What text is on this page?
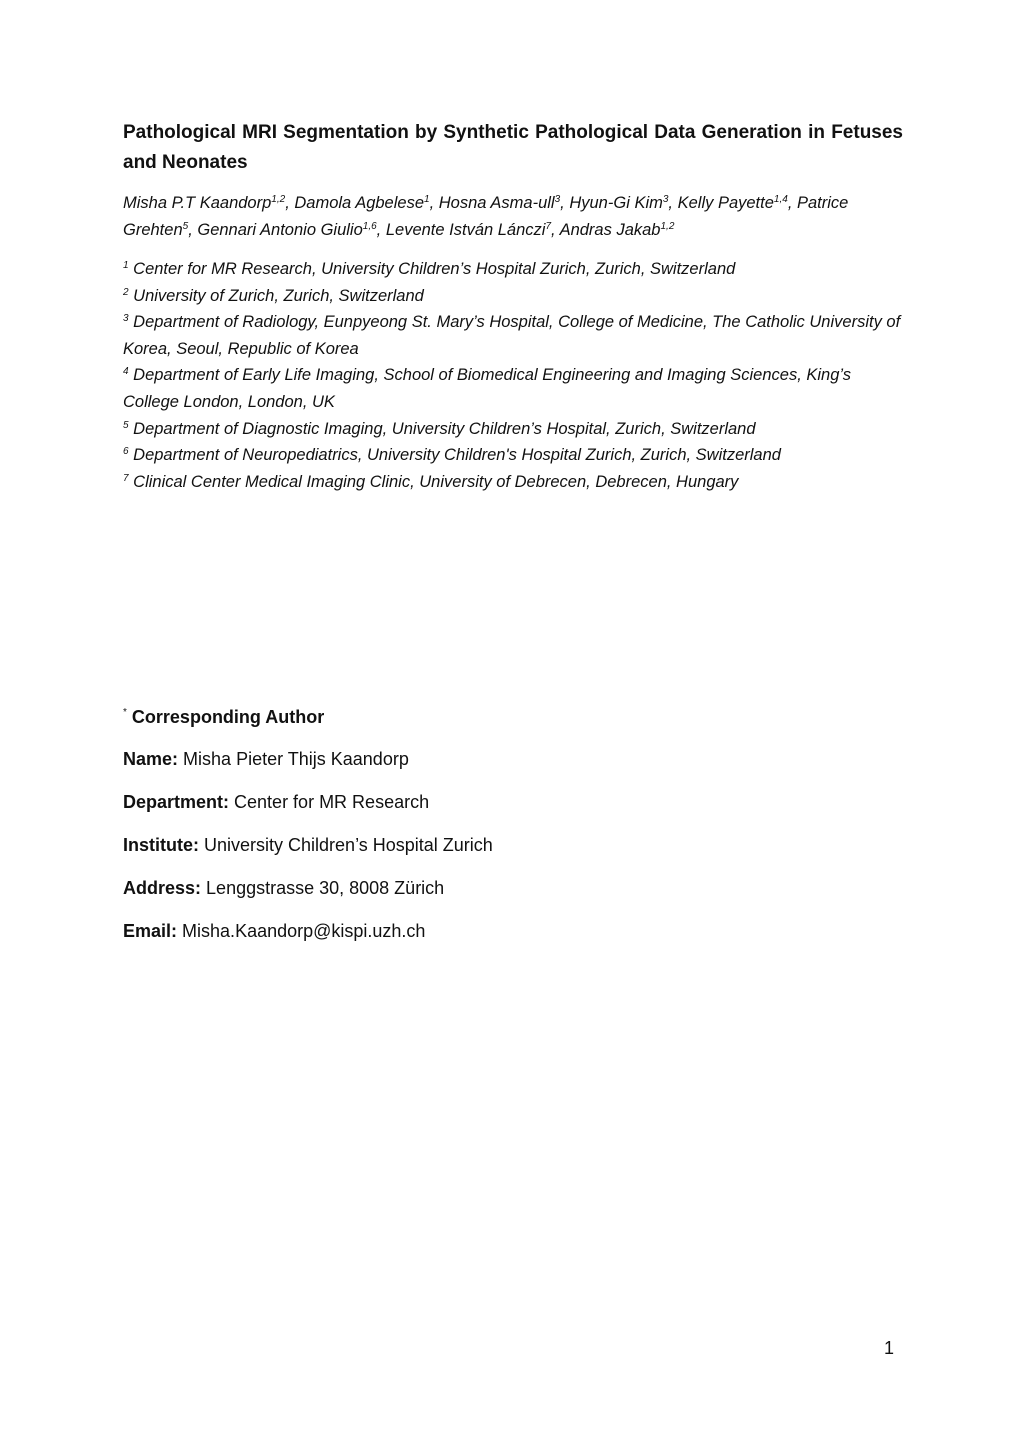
Pathological MRI Segmentation by Synthetic Pathological Data Generation in Fetuses and Neonates

Misha P.T Kaandorp$^{1,2}$, Damola Agbelese$^1$, Hosna Asma-ull$^3$, Hyun-Gi Kim$^3$, Kelly Payette$^{1,4}$, Patrice Grehten$^5$, Gennari Antonio Giulio$^{1,6}$, Levente István Lánczi$^7$, Andras Jakab$^{1,2}$

$^1$ Center for MR Research, University Children’s Hospital Zurich, Zurich, Switzerland

$^2$ University of Zurich, Zurich, Switzerland

$^3$ Department of Radiology, Eunpyeong St. Mary’s Hospital, College of Medicine, The Catholic University of Korea, Seoul, Republic of Korea

$^4$ Department of Early Life Imaging, School of Biomedical Engineering and Imaging Sciences, King’s College London, London, UK

$^5$ Department of Diagnostic Imaging, University Children’s Hospital, Zurich, Switzerland

$^6$ Department of Neuropediatrics, University Children's Hospital Zurich, Zurich, Switzerland

$^7$ Clinical Center Medical Imaging Clinic, University of Debrecen, Debrecen, Hungary

* Corresponding Author

Name: Misha Pieter Thijs Kaandorp

Department: Center for MR Research

Institute: University Children’s Hospital Zurich

Address: Lenggstrasse 30, 8008 Zürich

Email: Misha.Kaandorp@kispi.uzh.ch

1
